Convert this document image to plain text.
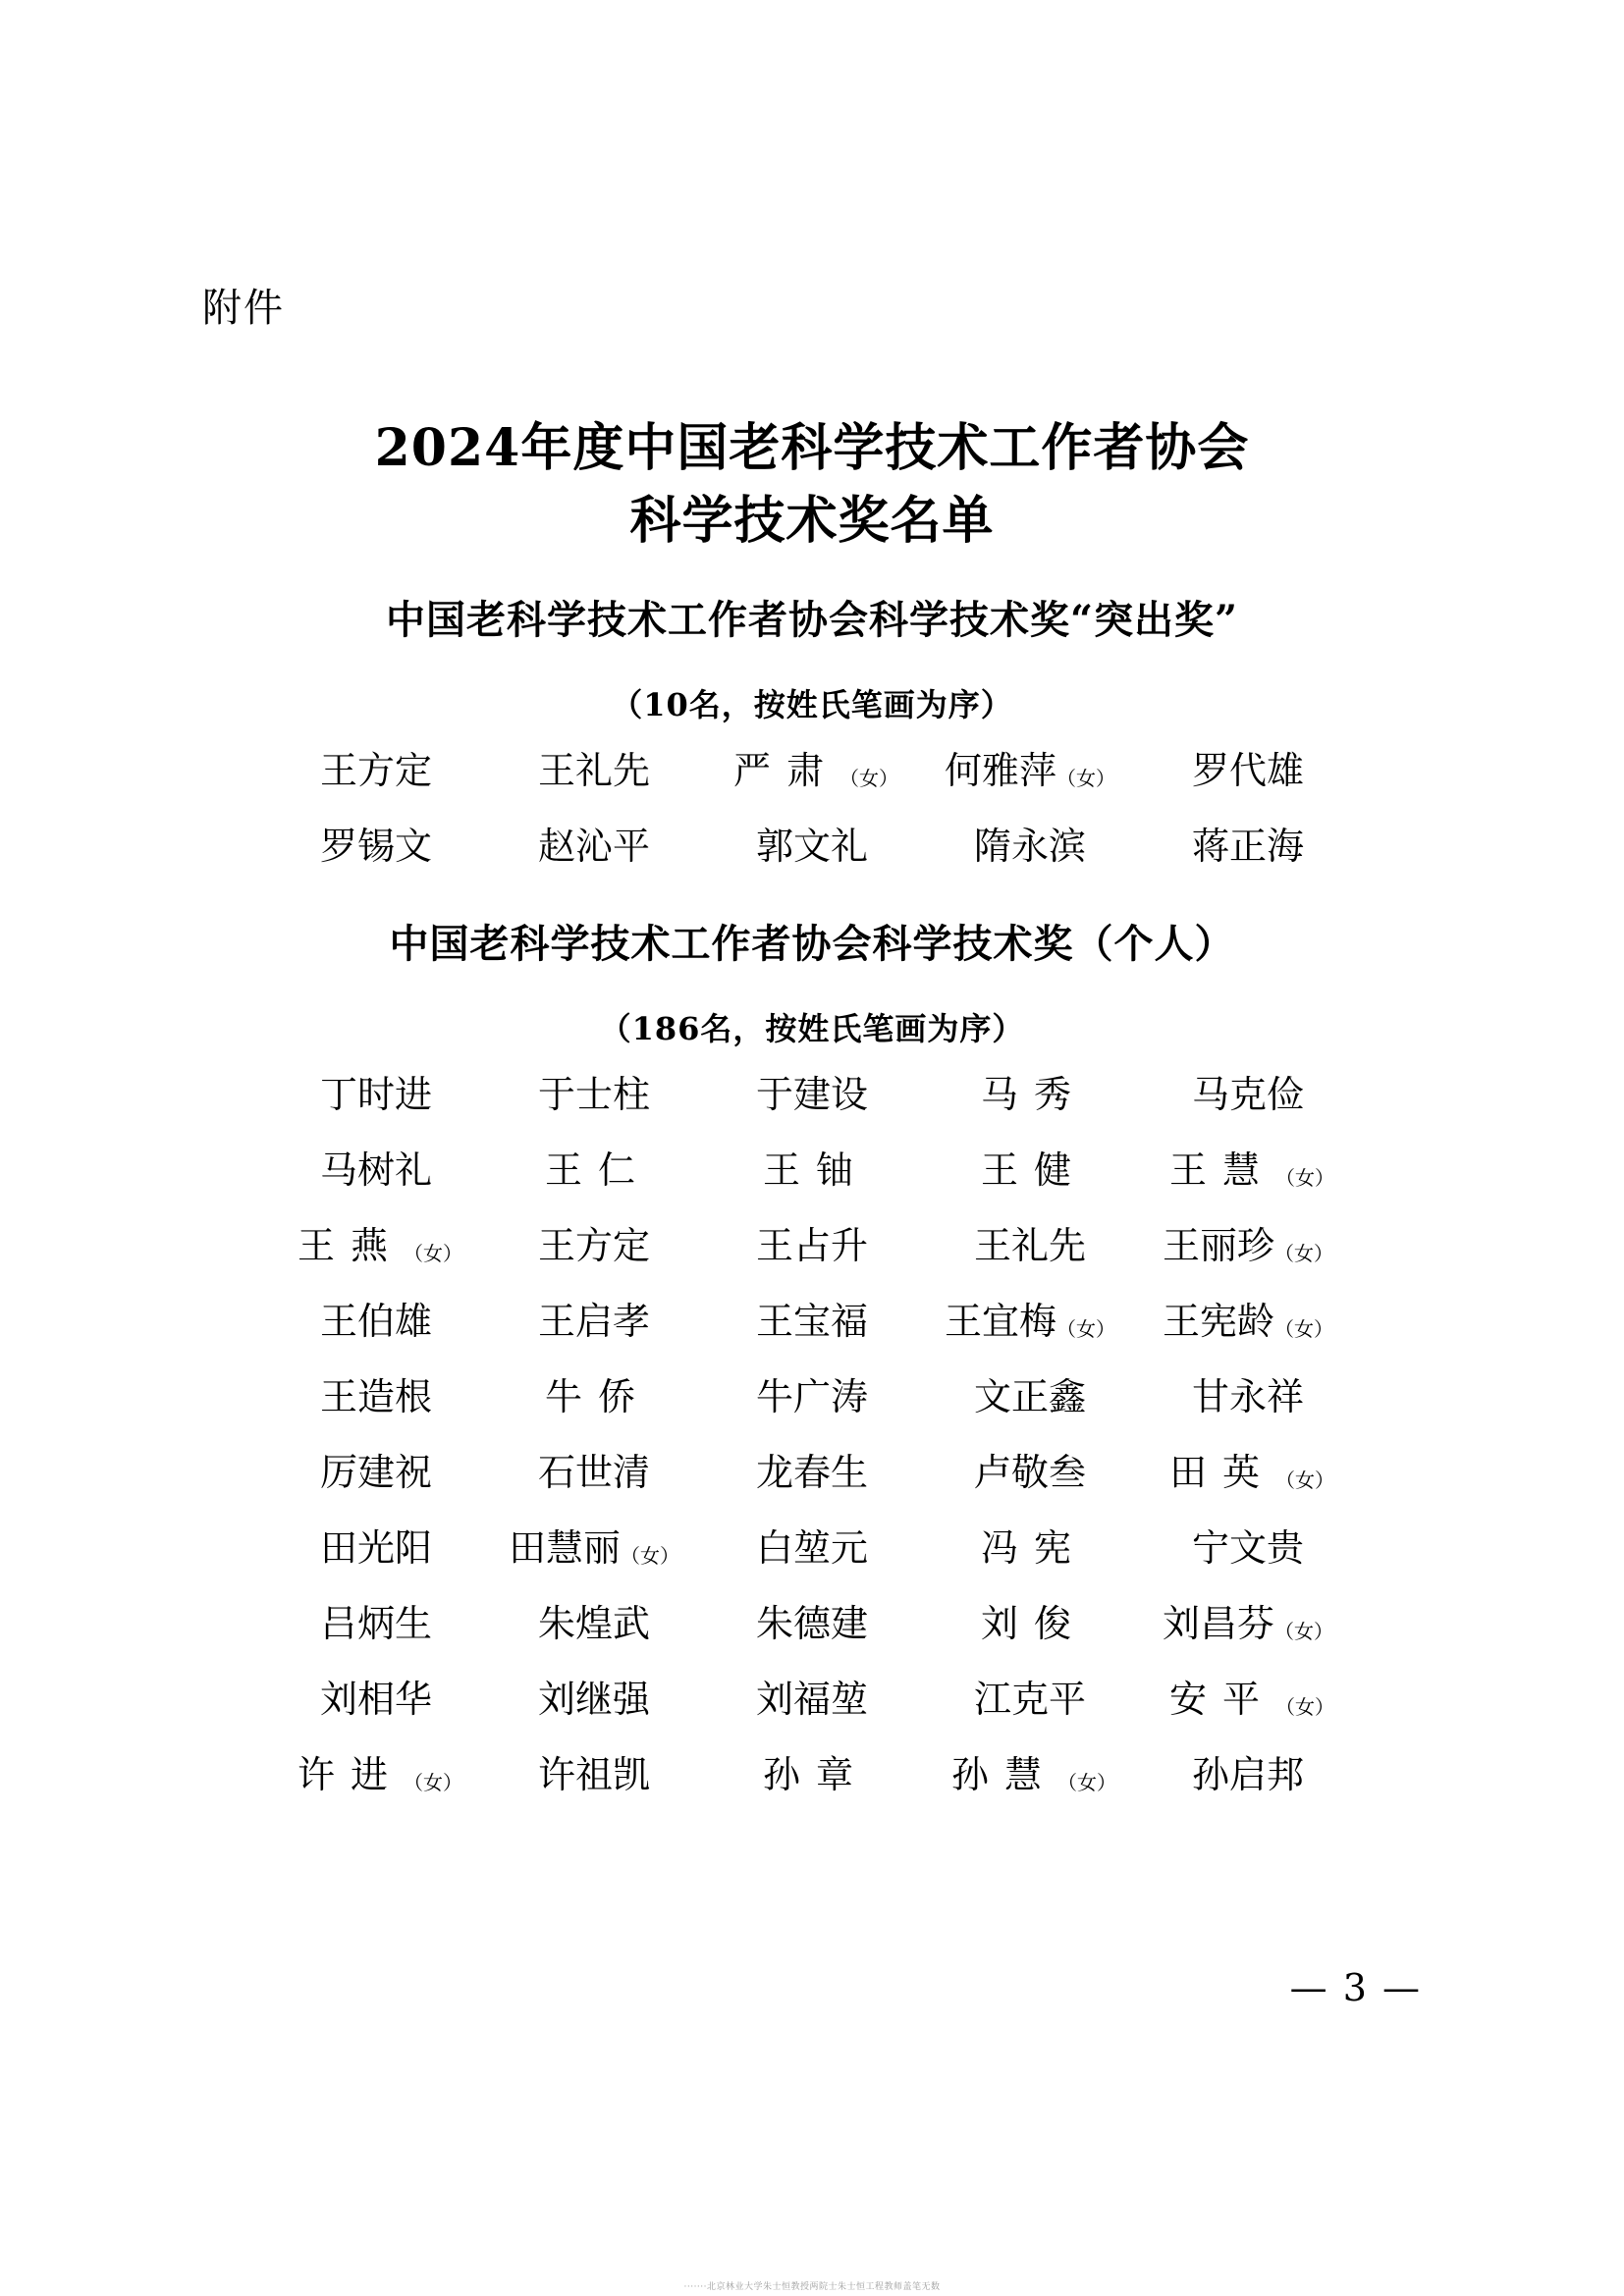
附件
2024年度中国老科学技术工作者协会
科学技术奖名单
中国老科学技术工作者协会科学技术奖“突出奖”
（10名，按姓氏笔画为序）
王方定	王礼先	严肃（女）	何雅萍（女）	罗代雄
罗锡文	赵沁平	郭文礼	隋永滨	蒋正海
中国老科学技术工作者协会科学技术奖（个人）
（186名，按姓氏笔画为序）
丁时进	于士柱	于建设	马秀	马克俭
马树礼	王仁	王铀	王健	王慧（女）
王燕（女）	王方定	王占升	王礼先	王丽珍（女）
王伯雄	王启孝	王宝福	王宜梅（女）	王宪龄（女）
王造根	牛侨	牛广涛	文正鑫	甘永祥
厉建祝	石世清	龙春生	卢敬叁	田英（女）
田光阳	田慧丽（女）	白堃元	冯宪	宁文贵
吕炳生	朱煌武	朱德建	刘俊	刘昌芬（女）
刘相华	刘继强	刘福堃	江克平	安平（女）
许进（女）	许祖凯	孙章	孙慧（女）	孙启邦
— 3 —
·······北京林业大学朱士恒教授两院士朱士恒工程教师盖笔无数
